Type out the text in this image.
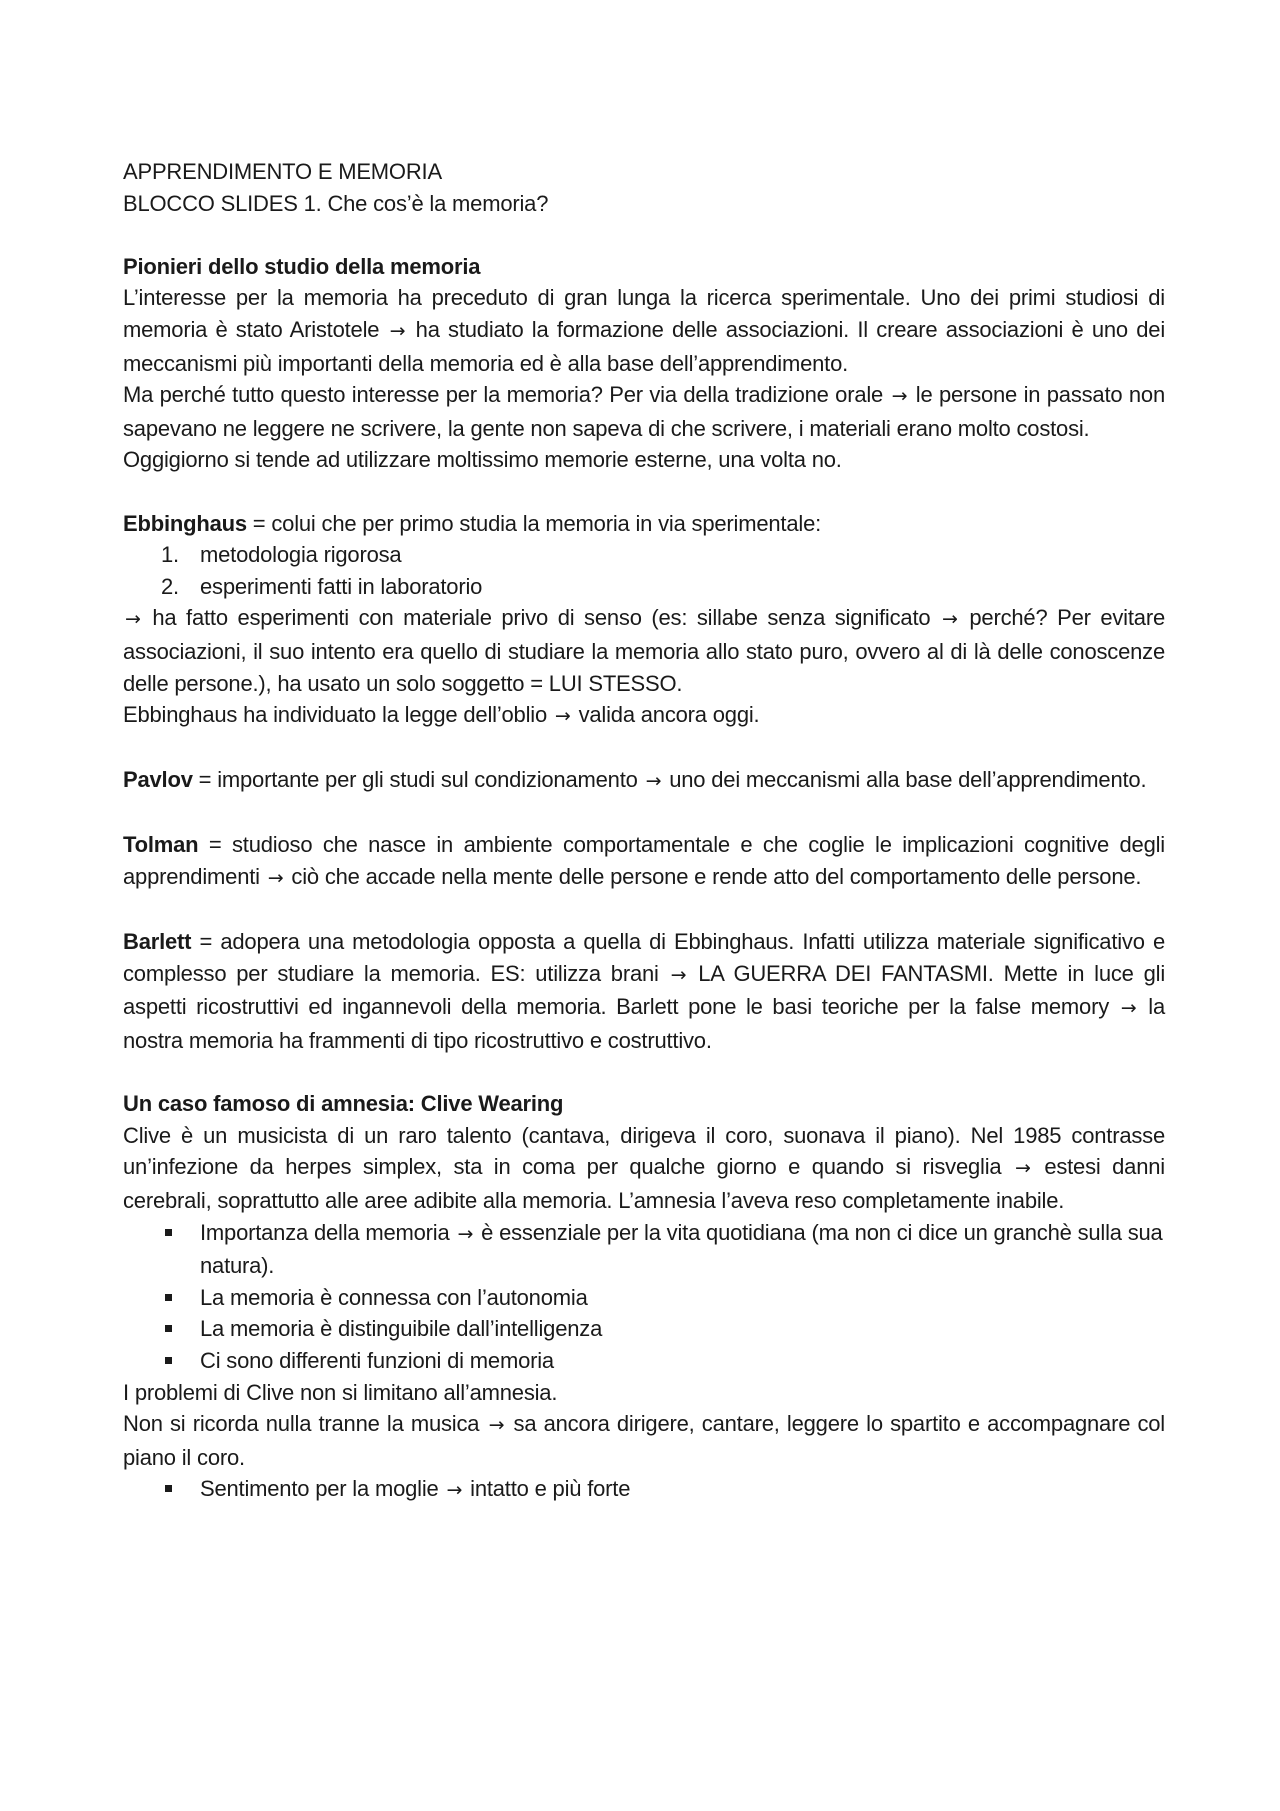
APPRENDIMENTO E MEMORIA
BLOCCO SLIDES 1. Che cos’è la memoria?
Pionieri dello studio della memoria

L’interesse per la memoria ha preceduto di gran lunga la ricerca sperimentale. Uno dei primi studiosi di memoria è stato Aristotele → ha studiato la formazione delle associazioni. Il creare associazioni è uno dei meccanismi più importanti della memoria ed è alla base dell’apprendimento.

Ma perché tutto questo interesse per la memoria? Per via della tradizione orale → le persone in passato non sapevano ne leggere ne scrivere, la gente non sapeva di che scrivere, i materiali erano molto costosi.

Oggigiorno si tende ad utilizzare moltissimo memorie esterne, una volta no.

Ebbinghaus = colui che per primo studia la memoria in via sperimentale:

1. metodologia rigorosa
2. esperimenti fatti in laboratorio

→ ha fatto esperimenti con materiale privo di senso (es: sillabe senza significato → perché? Per evitare associazioni, il suo intento era quello di studiare la memoria allo stato puro, ovvero al di là delle conoscenze delle persone.), ha usato un solo soggetto = LUI STESSO.

Ebbinghaus ha individuato la legge dell’oblio → valida ancora oggi.

Pavlov = importante per gli studi sul condizionamento → uno dei meccanismi alla base dell’apprendimento.

Tolman = studioso che nasce in ambiente comportamentale e che coglie le implicazioni cognitive degli apprendimenti → ciò che accade nella mente delle persone e rende atto del comportamento delle persone.

Barlett = adopera una metodologia opposta a quella di Ebbinghaus. Infatti utilizza materiale significativo e complesso per studiare la memoria. ES: utilizza brani → LA GUERRA DEI FANTASMI. Mette in luce gli aspetti ricostruttivi ed ingannevoli della memoria. Barlett pone le basi teoriche per la false memory → la nostra memoria ha frammenti di tipo ricostruttivo e costruttivo.

Un caso famoso di amnesia: Clive Wearing

Clive è un musicista di un raro talento (cantava, dirigeva il coro, suonava il piano). Nel 1985 contrasse un’infezione da herpes simplex, sta in coma per qualche giorno e quando si risveglia → estesi danni cerebrali, soprattutto alle aree adibite alla memoria. L’amnesia l’aveva reso completamente inabile.

Importanza della memoria → è essenziale per la vita quotidiana (ma non ci dice un granchè sulla sua natura).
La memoria è connessa con l’autonomia
La memoria è distinguibile dall’intelligenza
Ci sono differenti funzioni di memoria
I problemi di Clive non si limitano all’amnesia.

Non si ricorda nulla tranne la musica → sa ancora dirigere, cantare, leggere lo spartito e accompagnare col piano il coro.

Sentimento per la moglie → intatto e più forte
